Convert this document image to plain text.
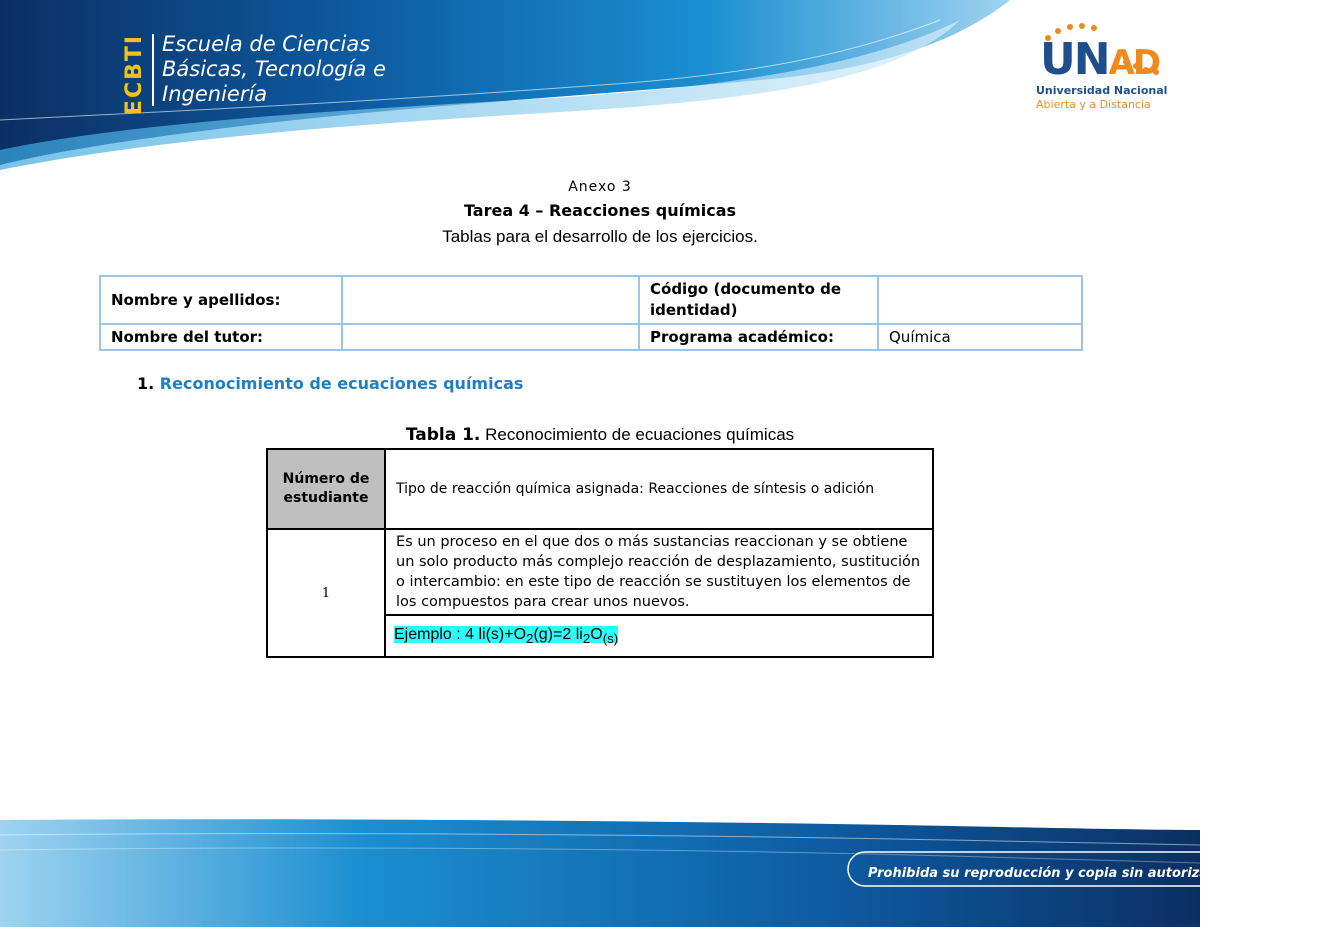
ECBTI Escuela de Ciencias
Básicas, Tecnología e
Ingeniería
UNAD
Universidad Nacional
Abierta y a Distancia
Anexo 3
Tarea 4 – Reacciones químicas
Tablas para el desarrollo de los ejercicios.
Nombre y apellidos:		Código (documento de identidad)	
Nombre del tutor:		Programa académico:	Química
1. Reconocimiento de ecuaciones químicas
Tabla 1. Reconocimiento de ecuaciones químicas
Número de estudiante	Tipo de reacción química asignada: Reacciones de síntesis o adición
1	Es un proceso en el que dos o más sustancias reaccionan y se obtiene un solo producto más complejo reacción de desplazamiento, sustitución o intercambio: en este tipo de reacción se sustituyen los elementos de los compuestos para crear unos nuevos.
	Ejemplo : 4 $li(s)+O_2(g)=2$ $li_2O_{(s)}$
Prohibida su reproducción y copia sin autorización de la UNAD
